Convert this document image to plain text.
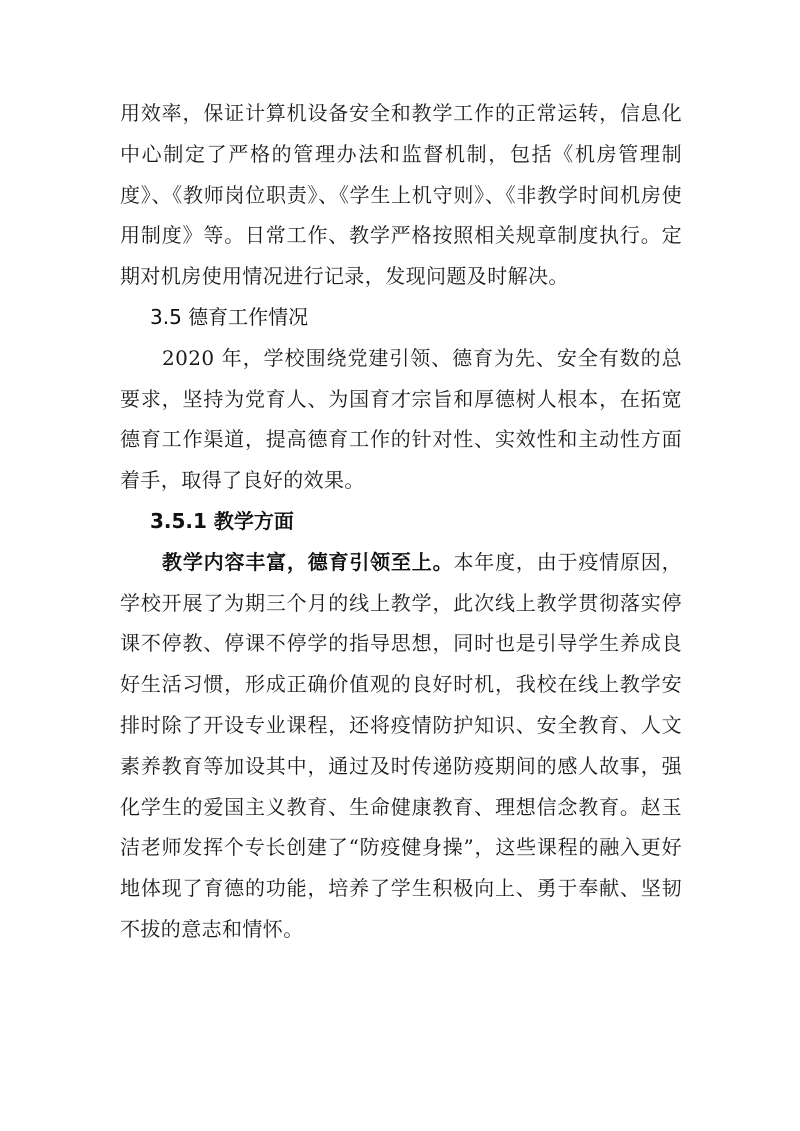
用效率，保证计算机设备安全和教学工作的正常运转，信息化中心制定了严格的管理办法和监督机制，包括《机房管理制度》、《教师岗位职责》、《学生上机守则》、《非教学时间机房使用制度》等。日常工作、教学严格按照相关规章制度执行。定期对机房使用情况进行记录，发现问题及时解决。

3.5 德育工作情况

2020 年，学校围绕党建引领、德育为先、安全有数的总要求，坚持为党育人、为国育才宗旨和厚德树人根本，在拓宽德育工作渠道，提高德育工作的针对性、实效性和主动性方面着手，取得了良好的效果。

3.5.1 教学方面

教学内容丰富，德育引领至上。本年度，由于疫情原因，学校开展了为期三个月的线上教学，此次线上教学贯彻落实停课不停教、停课不停学的指导思想，同时也是引导学生养成良好生活习惯，形成正确价值观的良好时机，我校在线上教学安排时除了开设专业课程，还将疫情防护知识、安全教育、人文素养教育等加设其中，通过及时传递防疫期间的感人故事，强化学生的爱国主义教育、生命健康教育、理想信念教育。赵玉洁老师发挥个专长创建了“防疫健身操”，这些课程的融入更好地体现了育德的功能，培养了学生积极向上、勇于奉献、坚韧不拔的意志和情怀。
